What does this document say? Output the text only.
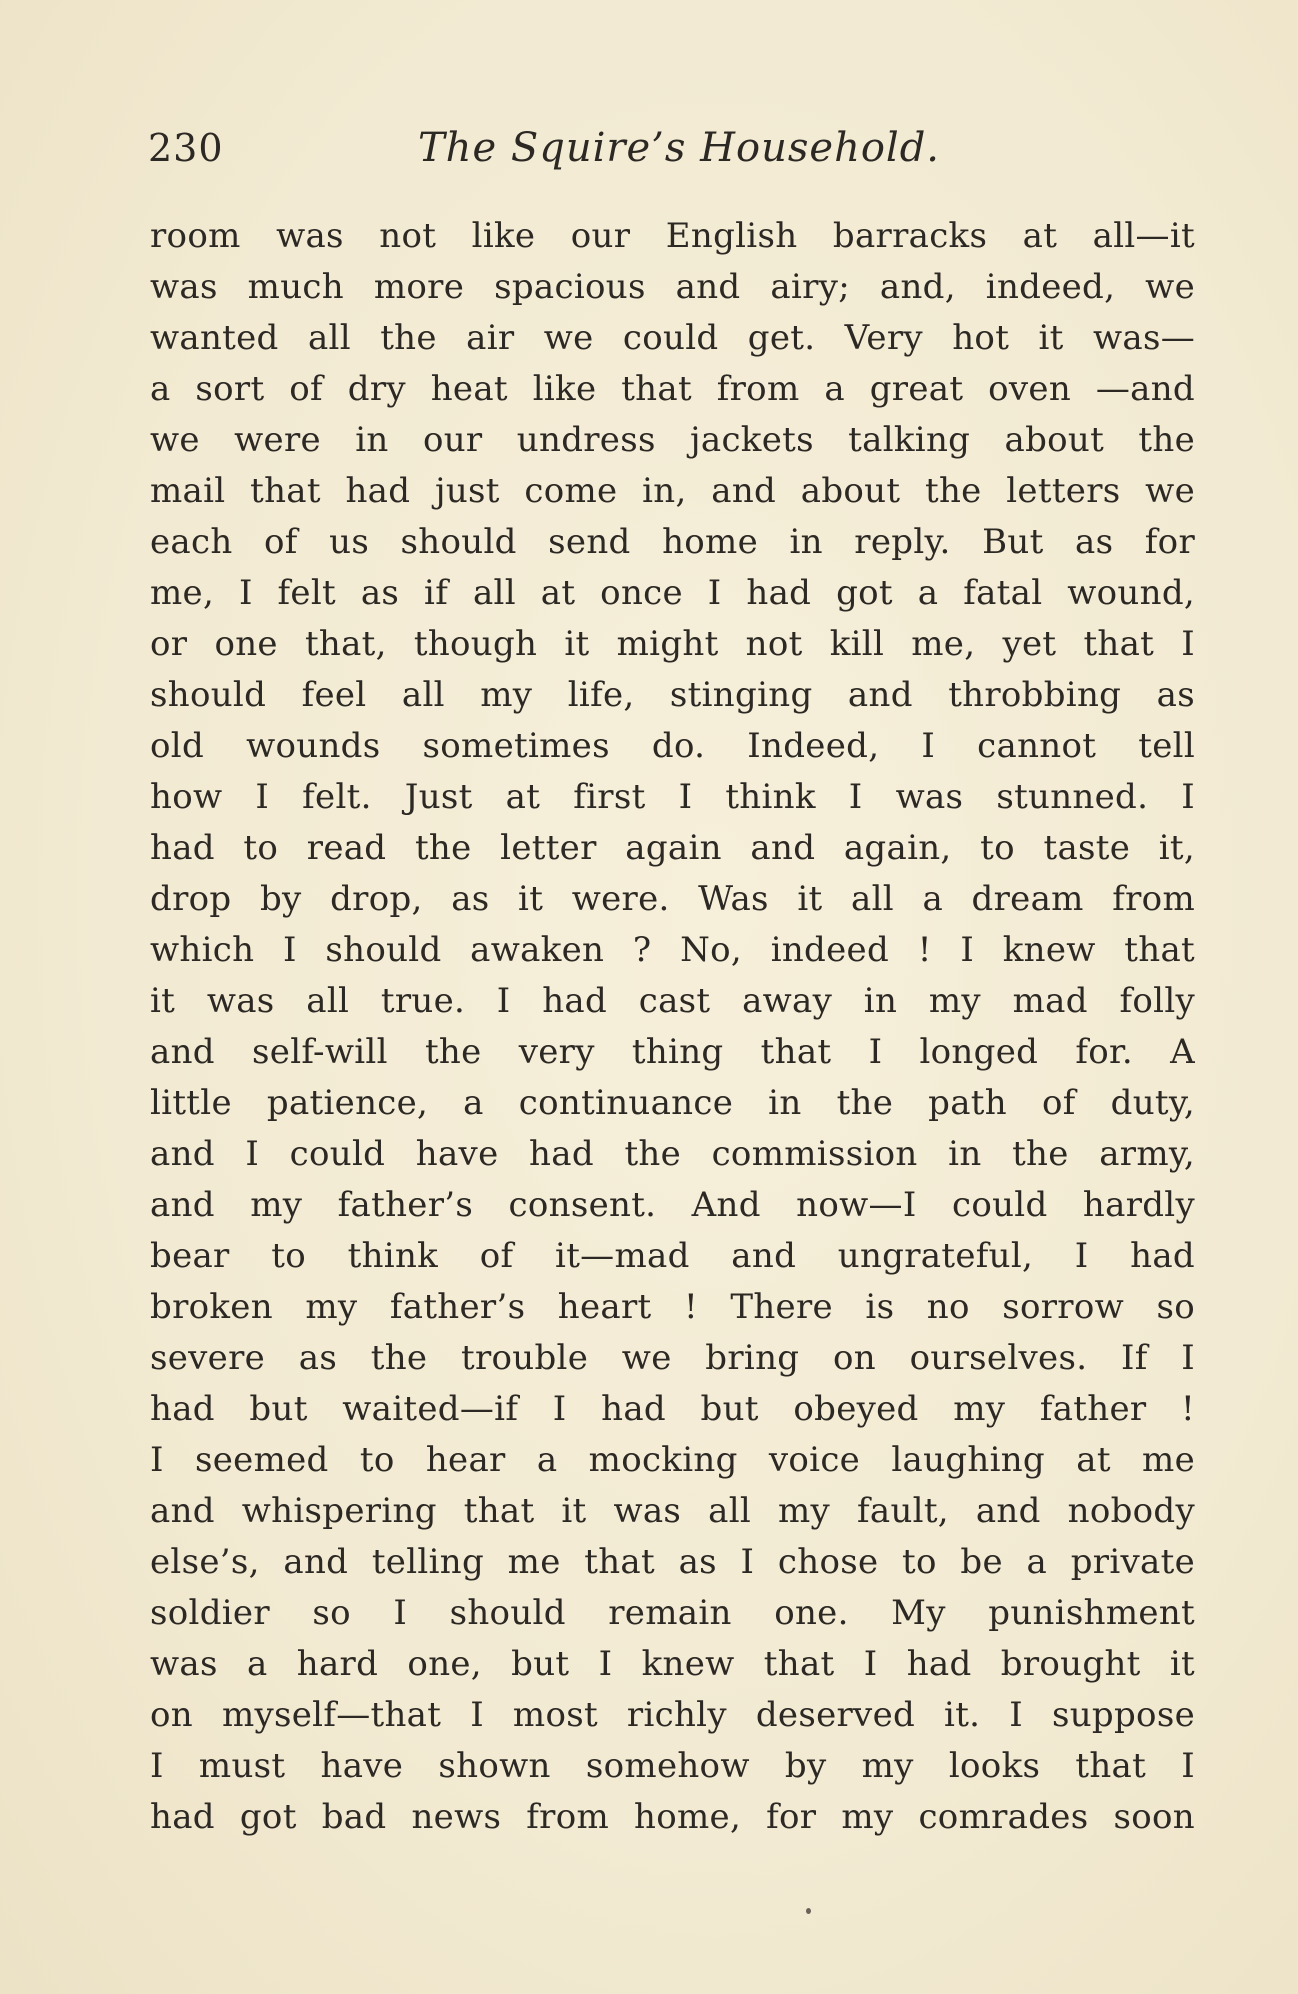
230	The Squire’s Household.
room was not like our English barracks at all—it
was much more spacious and airy; and, indeed, we
wanted all the air we could get. Very hot it was—
a sort of dry heat like that from a great oven —and
we were in our undress jackets talking about the
mail that had just come in, and about the letters we
each of us should send home in reply. But as for
me, I felt as if all at once I had got a fatal wound,
or one that, though it might not kill me, yet that I
should feel all my life, stinging and throbbing as
old wounds sometimes do. Indeed, I cannot tell
how I felt. Just at first I think I was stunned. I
had to read the letter again and again, to taste it,
drop by drop, as it were. Was it all a dream from
which I should awaken ? No, indeed ! I knew that
it was all true. I had cast away in my mad folly
and self-will the very thing that I longed for. A
little patience, a continuance in the path of duty,
and I could have had the commission in the army,
and my father’s consent. And now—I could hardly
bear to think of it—mad and ungrateful, I had
broken my father’s heart ! There is no sorrow so
severe as the trouble we bring on ourselves. If I
had but waited—if I had but obeyed my father !
I seemed to hear a mocking voice laughing at me
and whispering that it was all my fault, and nobody
else’s, and telling me that as I chose to be a private
soldier so I should remain one. My punishment
was a hard one, but I knew that I had brought it
on myself—that I most richly deserved it. I suppose
I must have shown somehow by my looks that I
had got bad news from home, for my comrades soon
